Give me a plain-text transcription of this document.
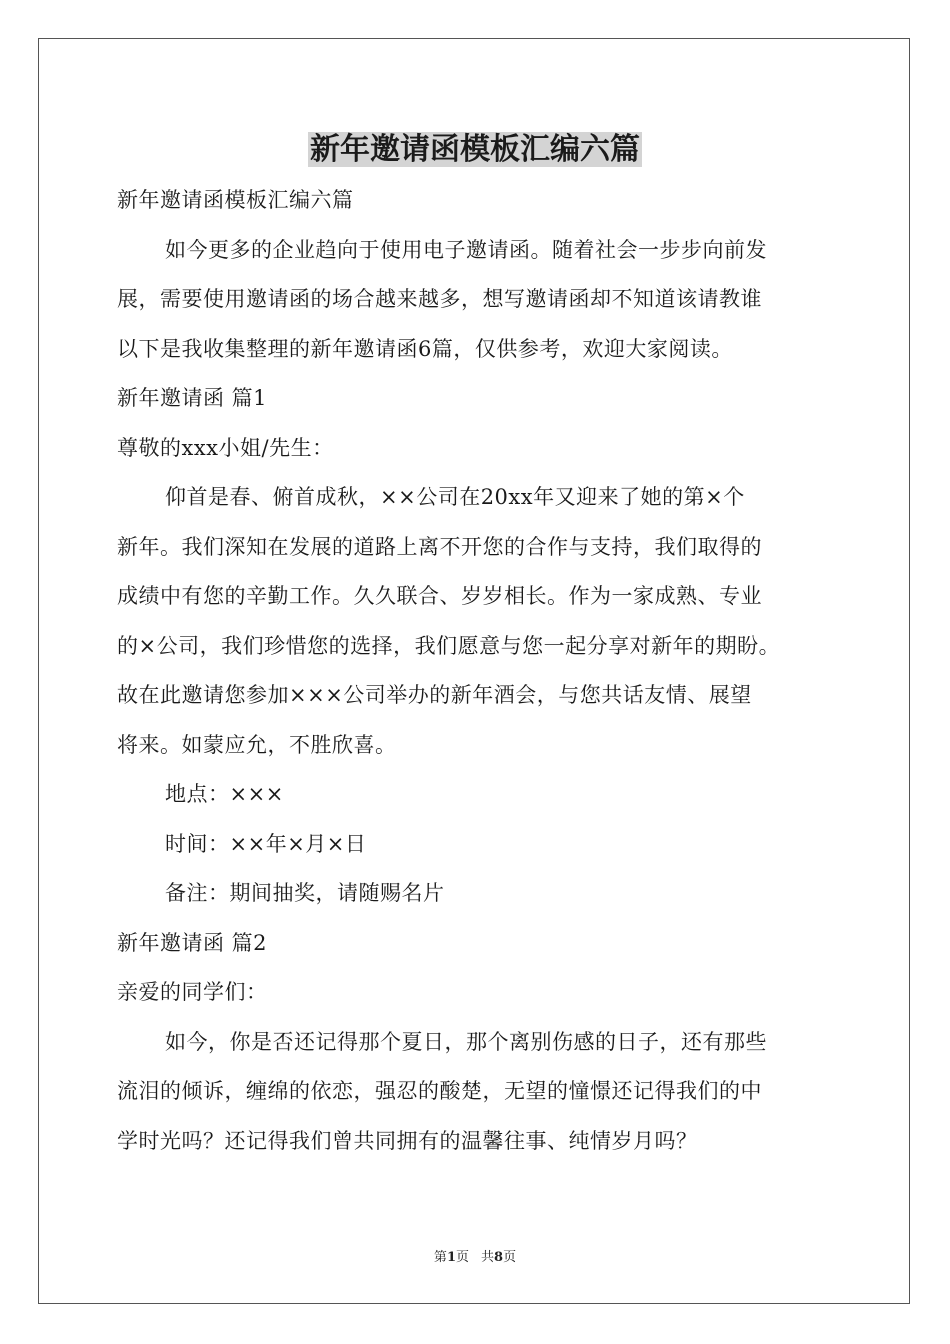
新年邀请函模板汇编六篇
新年邀请函模板汇编六篇
如今更多的企业趋向于使用电子邀请函。随着社会一步步向前发
展，需要使用邀请函的场合越来越多，想写邀请函却不知道该请教谁
以下是我收集整理的新年邀请函6篇，仅供参考，欢迎大家阅读。
新年邀请函 篇1
尊敬的xxx小姐/先生：
仰首是春、俯首成秋，××公司在20xx年又迎来了她的第×个
新年。我们深知在发展的道路上离不开您的合作与支持，我们取得的
成绩中有您的辛勤工作。久久联合、岁岁相长。作为一家成熟、专业
的×公司，我们珍惜您的选择，我们愿意与您一起分享对新年的期盼。
故在此邀请您参加×××公司举办的新年酒会，与您共话友情、展望
将来。如蒙应允，不胜欣喜。
地点：×××
时间：××年×月×日
备注：期间抽奖，请随赐名片
新年邀请函 篇2
亲爱的同学们：
如今，你是否还记得那个夏日，那个离别伤感的日子，还有那些
流泪的倾诉，缠绵的依恋，强忍的酸楚，无望的憧憬还记得我们的中
学时光吗？还记得我们曾共同拥有的温馨往事、纯情岁月吗？
第1页 共8页
